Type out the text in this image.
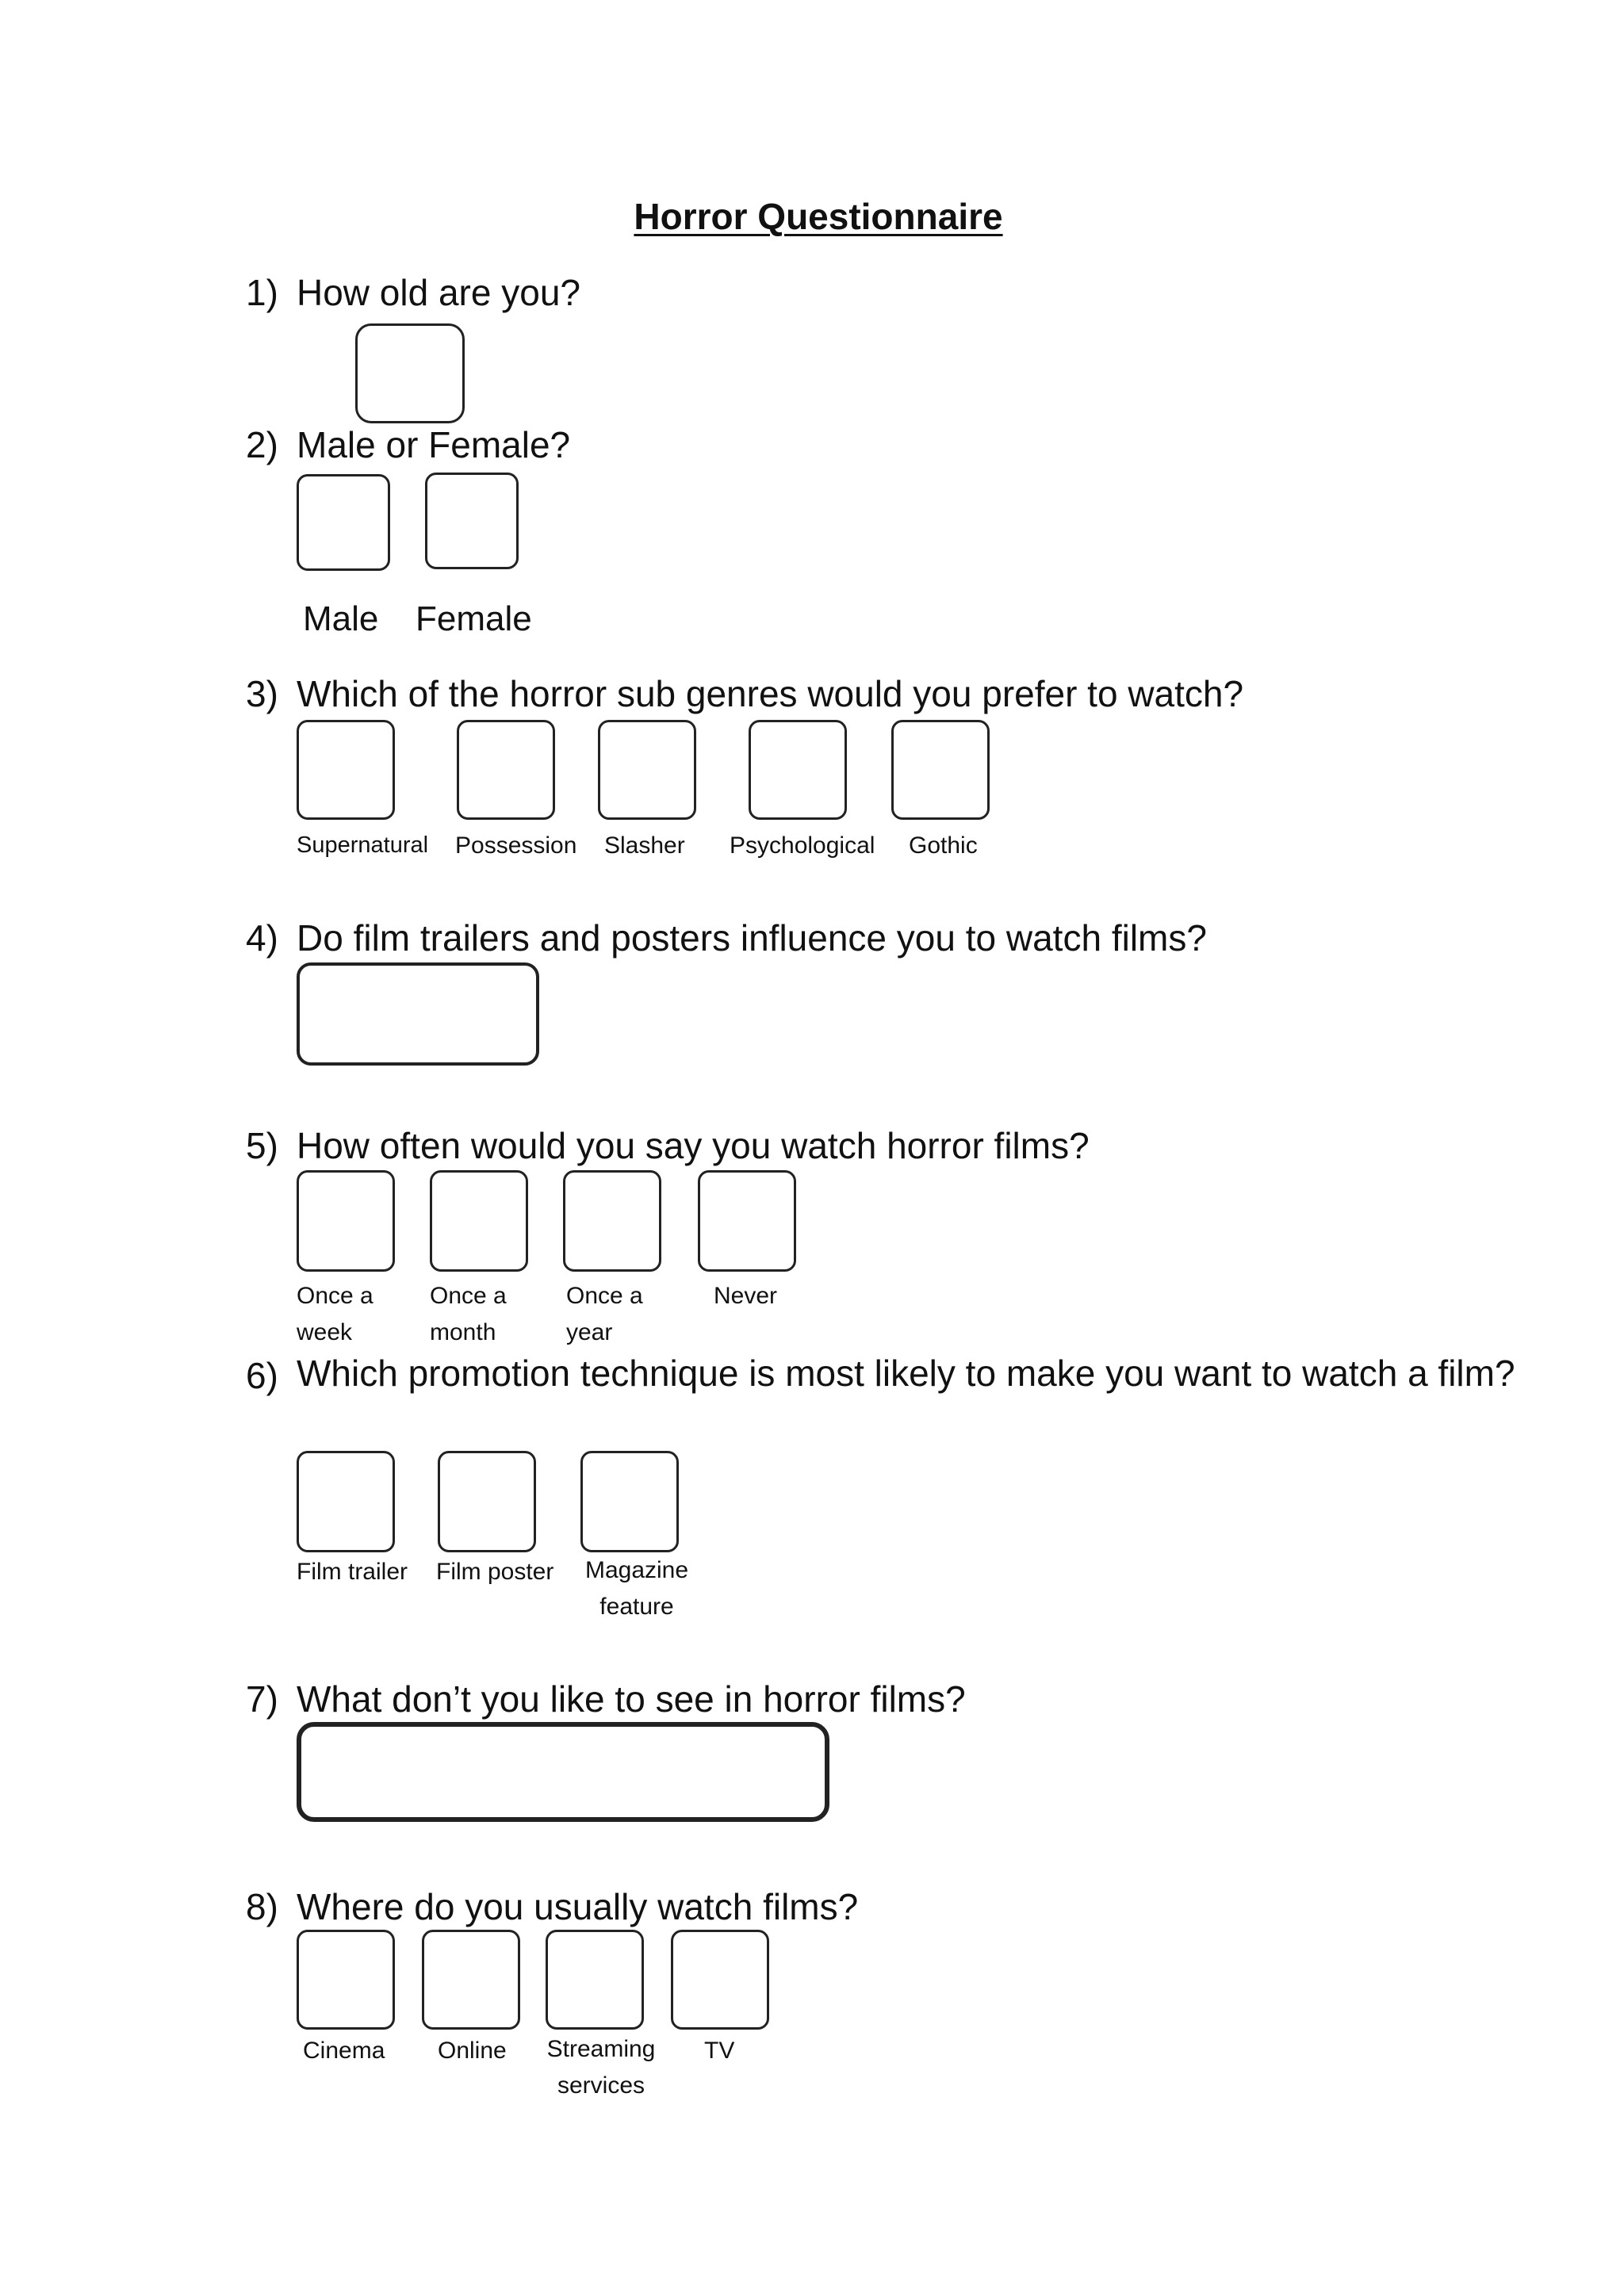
Horror Questionnaire
1) How old are you?
2) Male or Female?
Male Female
3) Which of the horror sub genres would you prefer to watch?
Supernatural Possession Slasher Psychological Gothic
4) Do film trailers and posters influence you to watch films?
5) How often would you say you watch horror films?
Once a week
Once a month
Once a year
Never
6) Which promotion technique is most likely to make you want to watch a film?
Film trailer Film poster	Magazine feature
7) What don’t you like to see in horror films?
8) Where do you usually watch films?
Cinema Online	Streaming services
TV
